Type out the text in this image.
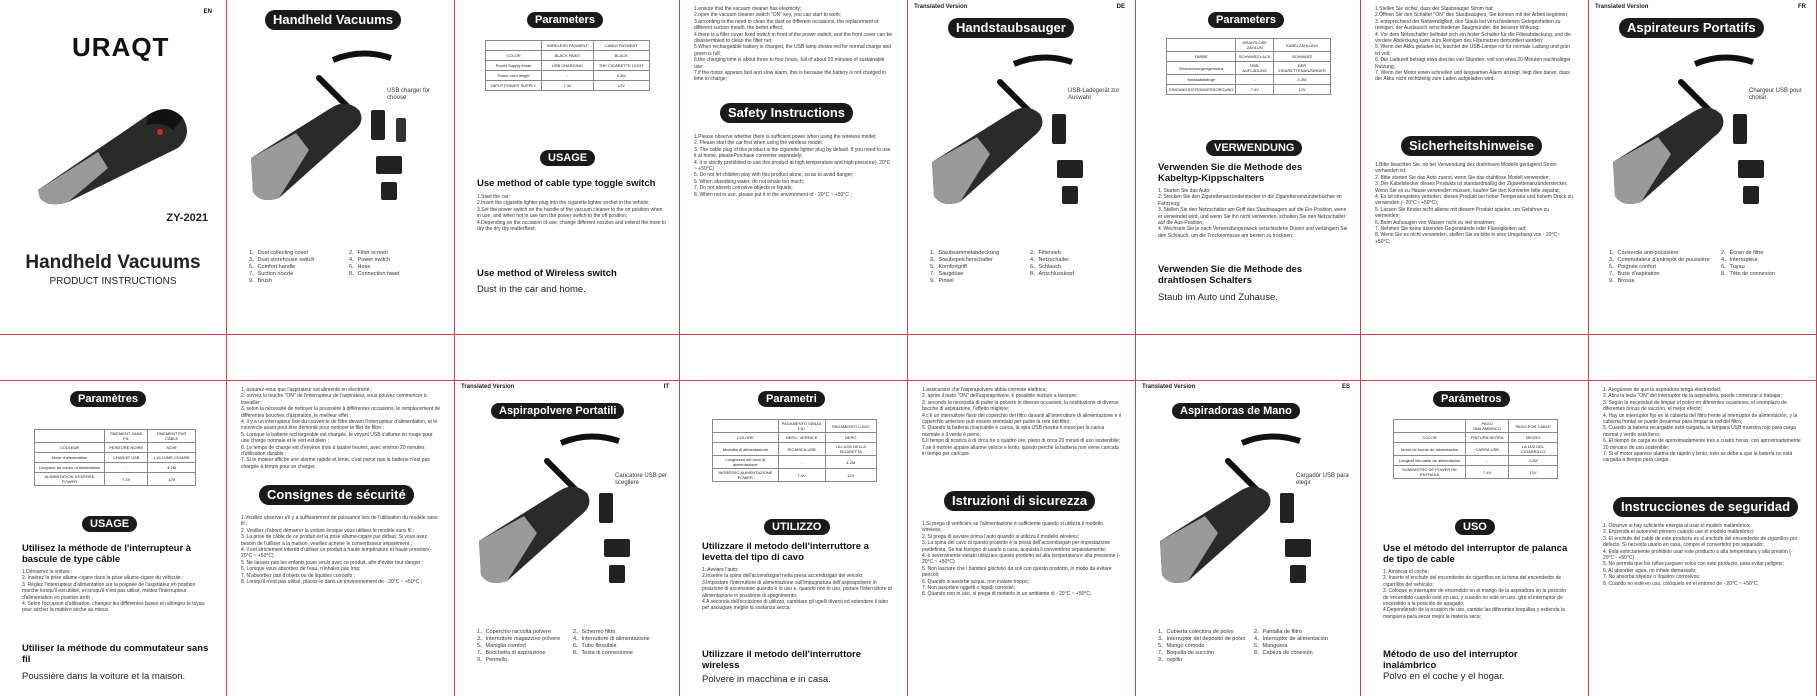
EN
URAQT
ZY-2021
Handheld Vacuums
PRODUCT INSTRUCTIONS
Paramètres
	PAIEMENT SANS FIL	PAIEMENT PAR CÂBLE
COULEUR	PEINTURE NOIRE	NOIR
Mode d'alimentation	CHARGE USB	L'ALLUME-CIGARE
Longueur du cordon d'alimentation	-	4.2M
ALIMENTATION D'ENTRÉE POWER	7.4V	12V
USAGE
Utilisez la méthode de l'interrupteur à bascule de type câble
1.Démarrez la voiture ;
2. Insérez la prise allume-cigare dans la prise allume-cigare du véhicule ;
3. Réglez l'interrupteur d'alimentation sur la poignée de l'aspirateur en position marche lorsqu'il est utilisé, et lorsqu'il n'est pas utilisé, mettez l'interrupteur d'alimentation en position arrêt ;
4. Selon l'occasion d'utilisation, changez les différentes buses et rallongez le tuyau pour sécher la matière sèche au mieux
Utiliser la méthode du commutateur sans fil
Poussière dans la voiture et la maison.
Handheld Vacuums
USB charger for choose
1、Dust collecting cover
3、Dust storehouse switch
5、Comfort handle
7、Suction nozzle
9、Brush
2、Filter screen
4、Power switch
6、Hose
8、Connection head
1. assurez-vous que l'aspirateur est alimenté en électricité ;
2. ouvrez la touche "ON" de l'interrupteur de l'aspirateur, vous pouvez commencer à travailler ;
3. selon la nécessité de nettoyer la poussière à différentes occasions, le remplacement de différentes bouches d'aspiration, le meilleur effet ;
4. il y a un interrupteur fixe du couvercle de filtre devant l'interrupteur d'alimentation, et le couvercle avant peut être démonté pour nettoyer le filet de filtre ;
5. Lorsque la batterie rechargeable est chargée, le voyant USB s'allume en rouge pour une charge normale et le vert est plein ;
6. Le temps de charge est d'environ trois à quatre heures, avec environ 20 minutes d'utilisation durable ;
7. Si le moteur affiche une alarme rapide et lente, c'est parce que la batterie n'est pas chargée à temps pour se charger.
Consignes de sécurité
1.Veuillez observer s'il y a suffisamment de puissance lors de l'utilisation du modèle sans fil ;
2. Veuillez d'abord démarrer la voiture lorsque vous utilisez le modèle sans fil ;
3. La prise de câble de ce produit est la prise allume-cigare par défaut. Si vous avez besoin de l'utiliser à la maison, veuillez acheter le convertisseur séparément ;
4. il est strictement interdit d'utiliser ce produit à haute température et haute pression(- 20°C ~ +50°C)
5. Ne laissez pas les enfants jouer seuls avec ce produit, afin d'éviter tout danger ;
6. Lorsque vous absorbez de l'eau, n'inhalez pas trop;
7. N'absorbez pas d'objets ou de liquides corrosifs ;
8. Lorsqu'il n'est pas utilisé, placez-le dans un environnement de - 20°C ~ +50°C ;
Parameters
	WIRELESS PAYMENT	CABLE PAYMENT
COLOR	BLACK PAINT	BLACK
Power Supply Mode	USB CHARGING	THE CIGARETTE LIGHT
Power cord length	-	4.2M
INPUT POWER SUPPLY	7.4V	12V
USAGE
Use method of cable type toggle switch
1.Start the car;
2.Insert the cigarette lighter plug into the cigarette lighter socket in the vehicle;
3.Set the power switch on the handle of the vacuum cleaner to the on position when in use, and when not in use turn the power switch to the off position;
4.Depending on the occasion of use, change different nozzles and extend the hose to dry the dry dry matterBest;
Use method of Wireless switch
Dust in the car and home.
Translated Version	IT
Aspirapolvere Portatili
Caricatore USB per scegliere
1、Coperchio raccolta polvere
3、Interruttore magazzino polvere
5、Maniglia comfort
7、Bocchetta di aspirazione
9、Pennello
2、Schermo filtro
4、Interruttore di alimentazione
6、Tubo flessibile
8、Testa di connessione
1.ensure that the vacuum cleaner has electricity;
2.open the vacuum cleaner switch "ON" key, you can start to work;
3.according to the need to clean the dust on different occasions, the replacement of different suction mouth, the better effect;
4.there is a filter cover fixed switch in front of the power switch, and the front cover can be disassembled to clean the filter net;
5.When rechargeable battery is charged, the USB lamp shows red for normal charge and green is full;
6.the charging time is about three to four hours, full of about 20 minutes of sustainable use;
7.if the motor appears fast and slow alarm, this is because the battery is not charged in time to charge;
Safety Instructions
1.Please observe whether there is sufficient power when using the wireless model;
2. Please start the car first when using the wireless model;
3. The cable plug of this product is the cigarette lighter plug by default. If you need to use it at home, pleasePurchase converter separately;
4. it is strictly prohibited to use this product at high temperature and high pressure(- 20°C ~ +50°C)
5. Do not let children play with this product alone, so as to avoid danger;
6. When absorbing water, do not inhale too much;
7. Do not absorb corrosive objects or liquids;
8. When not in use, please put it in the environment of - 20°C ~ +50°C ;
Parametri
	PAGAMENTO SENZA FILI	PAGAMENTO CAVO
COLORE	NERO, VERNICE	NERO
Modalità di alimentazione	RICARICA USB	LA LUCE DELLA SIGARETTA
Lunghezza del cavo di alimentazione	-	4.2M
INGRESSO ALIMENTAZIONE POWER	7.4V	12V
UTILIZZO
Utilizzare il metodo dell'interruttore a levetta del tipo di cavo
1. Avviare l'auto;
2.Inserire la spina dell'accendisigari nella presa accendisigari del veicolo;
3.Impostare l'interruttore di alimentazione sull'impugnatura dell'aspirapolvere in posizione di accensione quando è in uso e, quando non in uso, portare l'interruttore di alimentazione in posizione di spegnimento;
4.A seconda dell'occasione di utilizzo, cambiare gli ugelli diversi ed estendere il tubo per asciugare meglio la sostanza secca;
Utilizzare il metodo dell'interruttore wireless
Polvere in macchina e in casa.
Translated Version	DE
Handstaubsauger
USB-Ladegerät zur Auswahl
1、Staubsammelabdeckung
3、Staubspeicherschalter
5、Komfortgriff
7、Saugdüse
9、Pinsel
2、Filtersieb
4、Netzschalter
6、Schlauch
8、Anschlusskopf
1.assicurarsi che l'aspirapolvere abbia corrente elettrica;
2. aprire il tasto "ON" dell'aspirapolvere, è possibile iniziare a lavorare;
3. secondo la necessità di pulire la polvere in diverse occasioni, la sostituzione di diverse bocche di aspirazione, l'effetto migliore;
4.c'è un interruttore fisso del coperchio del filtro davanti all'interruttore di alimentazione e il coperchio anteriore può essere smontato per pulire la rete del filtro;
5. Quando la batteria ricaricabile è carica, la spia USB mostra il rosso per la carica normale e il verde è pieno;
6.Il tempo di ricarica è di circa tre o quattro ore, pieno di circa 20 minuti di uso sostenibile;
7.se il motore appare allarme veloce e lento, questo perché la batteria non viene caricata in tempo per caricare.
Istruzioni di sicurezza
1.Si prega di verificare se l'alimentazione è sufficiente quando si utilizza il modello wireless;
2. Si prega di avviare prima l'auto quando si utilizza il modello wireless;
3. La spina del cavo di questo prodotto è la presa dell'accendisigari per impostazione predefinita. Se hai bisogno di usarlo a casa, acquista il convertitore separatamente;
4. è severamente vietato utilizzare questo prodotto ad alta temperatura e alta pressione (- 20°C ~ +50°C)
5. Non lasciare che i bambini giochino da soli con questo prodotto, in modo da evitare pericoli;
6. Quando si assorbe acqua, non inalare troppo;
7. Non assorbire oggetti o liquidi corrosivi;
8. Quando non in uso, si prega di metterlo in un ambiente di - 20°C ~ +50°C;
Parameters
	DRAHTLOSE ZAHLUN	KABELZAHLUNG
FARBE	SCHWARZ LACK	SCHWARZ
Stromversorgungsmodus	USB-AUFLADUNG	DER ZIGARETTENANZÜNDER
Netzkabellänge	-	4.2M
EINGANGSSTROMVERSORGUNG	7.4V	12V
VERWENDUNG
Verwenden Sie die Methode des Kabeltyp-Kippschalters
1. Starten Sie das Auto;
2. Stecken Sie den Zigarettenanzünderstecker in die Zigarettenanzünderbuchse im Fahrzeug;
3. Stellen Sie den Netzschalter am Griff des Staubsaugers auf die Ein-Position, wenn er verwendet wird, und wenn Sie ihn nicht verwenden, schalten Sie den Netzschalter auf die Aus-Position;
4. Wechseln Sie je nach Verwendungszweck verschiedene Düsen und verlängern Sie den Schlauch, um die Trockenmasse am besten zu trocknen;
Verwenden Sie die Methode des drahtlosen Schalters
Staub im Auto und Zuhause.
Translated Version	ES
Aspiradoras de Mano
Cargador USB para elegir
1、Cubierta colectora de polvo
3、Interruptor del depósito de polvo
5、Mango cómodo
7、Boquilla de succión
9、cepillo
2、Pantalla de filtro
4、Interruptor de alimentación
6、Manguera
8、Cabeza de conexión
1.Stellen Sie sicher, dass der Staubsauger Strom hat;
2.Öffnen Sie den Schalter "ON" des Staubsaugers, Sie können mit der Arbeit beginnen;
3. entsprechend der Notwendigkeit, den Staub bei verschiedenen Gelegenheiten zu reinigen, der Austausch verschiedener Saugmünder, die bessere Wirkung;
4. Vor dem Netzschalter befindet sich ein fester Schalter für die Filterabdeckung, und die vordere Abdeckung kann zum Reinigen des Filternetzes demontiert werden;
5. Wenn der Akku geladen ist, leuchtet die USB-Lampe rot für normale Ladung und grün ist voll;
6. Die Ladezeit beträgt etwa drei bis vier Stunden, voll von etwa 20 Minuten nachhaltiger Nutzung;
7. Wenn der Motor einen schnellen und langsamen Alarm anzeigt, liegt dies daran, dass der Akku nicht rechtzeitig zum Laden aufgeladen wird.
Sicherheitshinweise
1.Bitte beachten Sie, ob bei Verwendung des drahtlosen Modells genügend Strom vorhanden ist;
2. Bitte starten Sie das Auto zuerst, wenn Sie das drahtlose Modell verwenden;
3. Der Kabelstecker dieses Produkts ist standardmäßig der Zigarettenanzünderstecker. Wenn Sie es zu Hause verwenden müssen, kaufen Sie den Konverter bitte separat;
4. Es ist strengstens verboten, dieses Produkt bei hoher Temperatur und hohem Druck zu verwenden (- 20°C~ +50°C);
5. Lassen Sie Kinder nicht alleine mit diesem Produkt spielen, um Gefahren zu vermeiden;
6. Beim Aufsaugen von Wasser nicht zu viel einatmen;
7. Nehmen Sie keine ätzenden Gegenstände oder Flüssigkeiten auf;
8. Wenn Sie es nicht verwenden, stellen Sie es bitte in eine Umgebung von - 20°C~ +50°C;
Parámetros
	PAGO INALÁMBRICO	PAGO POR CABLE
COLOR	PINTURA NEGRA	NEGRO
Modo de fuente de alimentación	CARGA USB	LA LUZ DEL CIGARRILLO
Longitud del cable de alimentación	-	4.2M
SUMINISTRO DE POWER DE ENTRADA	7.4V	12V
USO
Use el método del interruptor de palanca de tipo de cable
1. Arrancar el coche;
2. Inserte el enchufe del encendedor de cigarrillos en la toma del encendedor de cigarrillos del vehículo;
3. Coloque el interruptor de encendido en el mango de la aspiradora en la posición de encendido cuando esté en uso, y cuando no esté en uso, gire el interruptor de encendido a la posición de apagado;
4.Dependiendo de la ocasión de uso, cambie las diferentes boquillas y extienda la manguera para secar mejor la materia seca;
Método de uso del interruptor inalámbrico
Polvo en el coche y el hogar.
Translated Version	FR
Aspirateurs Portatifs
Chargeur USB pour choisir
1、Couvercle anti-poussière
3、Commutateur d'entrepôt de poussière
5、Poignée confort
7、Buse d'aspiration
9、Brosse
2、Écran de filtre
4、Interrupteur
6、Tuyau
8、Tête de connexion
1. Asegúrese de que la aspiradora tenga electricidad;
2. Abra la tecla "ON" del interruptor de la aspiradora, puede comenzar a trabajar;
3. Según la necesidad de limpiar el polvo en diferentes ocasiones, el reemplazo de diferentes bocas de succión, el mejor efecto;
4. Hay un interruptor fijo en la cubierta del filtro frente al interruptor de alimentación, y la cubierta frontal se puede desarmar para limpiar la red del filtro;
5. Cuando la batería recargable está cargada, la lámpara USB muestra rojo para carga normal y verde está lleno;
6. El tiempo de carga es de aproximadamente tres a cuatro horas, con aproximadamente 20 minutos de uso sostenible;
7. Si el motor aparece alarma de rápido y lento, esto se debe a que la batería no está cargada a tiempo para cargar.
Instrucciones de seguridad
1. Observe si hay suficiente energía al usar el modelo inalámbrico;
2. Encienda el automóvil primero cuando use el modelo inalámbrico;
3. El enchufe del cable de este producto es el enchufe del encendedor de cigarrillos por defecto. Si necesita usarlo en casa, compre el convertidor por separado;
4. Está estrictamente prohibido usar este producto a alta temperatura y alta presión (- 20°C~ +50°C)
5. No permita que los niños jueguen solos con este producto, para evitar peligros;
6. Al absorber agua, no inhale demasiado;
7. No absorba objetos o líquidos corrosivos;
8. Cuando no esté en uso, colóquelo en el entorno de - 20°C ~ +50°C;
